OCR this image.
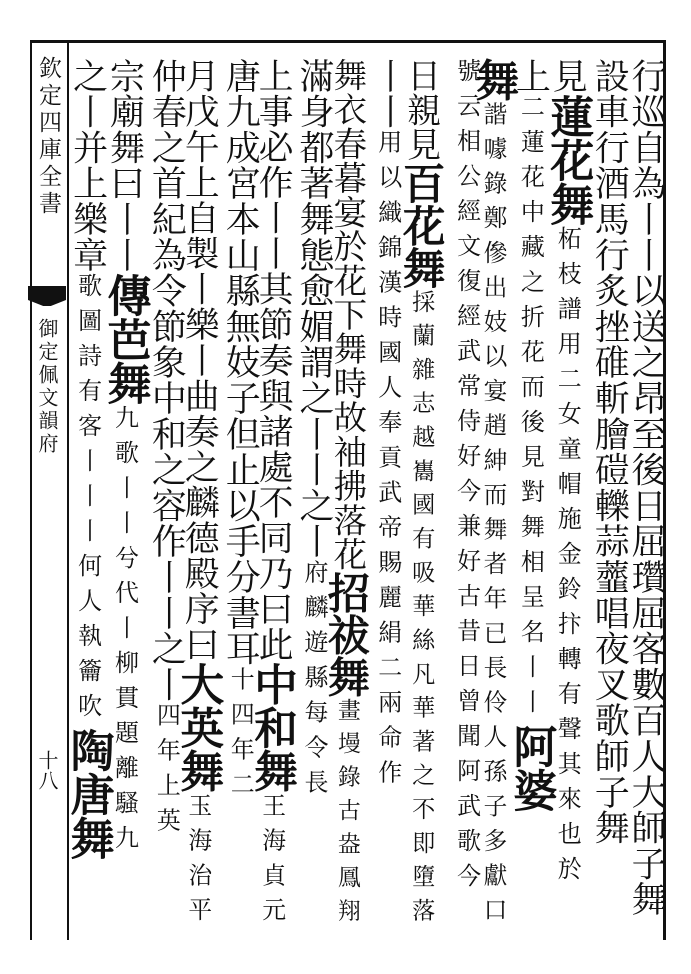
欽定四庫全書
御定佩文韻府
十八	行巡自為丨丨以送之昂至後日屈瓚屈客數百人大師子舞
設車行酒馬行炙挫碓斬膾磑轢蒜虀唱夜叉歌師子舞
見蓮花舞柘枝譜用二女童帽施金鈴抃轉有聲其來也於
上二蓮花中藏之折花而後見對舞相呈名丨丨阿婆
舞諧噱錄鄭傪出妓以宴趙紳而舞者年已長伶人孫子多獻口
號云相公經文復經武常侍好今兼好古昔日曾聞阿武歌今
日親見百花舞採蘭雜志越巂國有吸華絲凡華著之不即墮落
丨丨用以織錦漢時國人奉貢武帝賜麗絹二兩命作
舞衣春暮宴於花下舞時故袖拂落花招祓舞畫墁錄古盎鳳翔
滿身都著舞態愈媚謂之丨丨之丨府麟遊縣每令長
上事必作丨丨其節奏與諸處不同乃曰此中和舞王海貞元
唐九成宮本山縣無妓子但止以手分書耳十四年二
月戊午上自製丨樂丨曲奏之麟德殿序曰大英舞玉海治平
仲春之首紀為令節象中和之容作丨丨之丨四年上英
宗廟舞曰丨丨傳芭舞九歌丨丨兮代丨柳貫題離騷九
之丨并上樂章歌圖詩有客丨丨丨何人執籥吹陶唐舞
